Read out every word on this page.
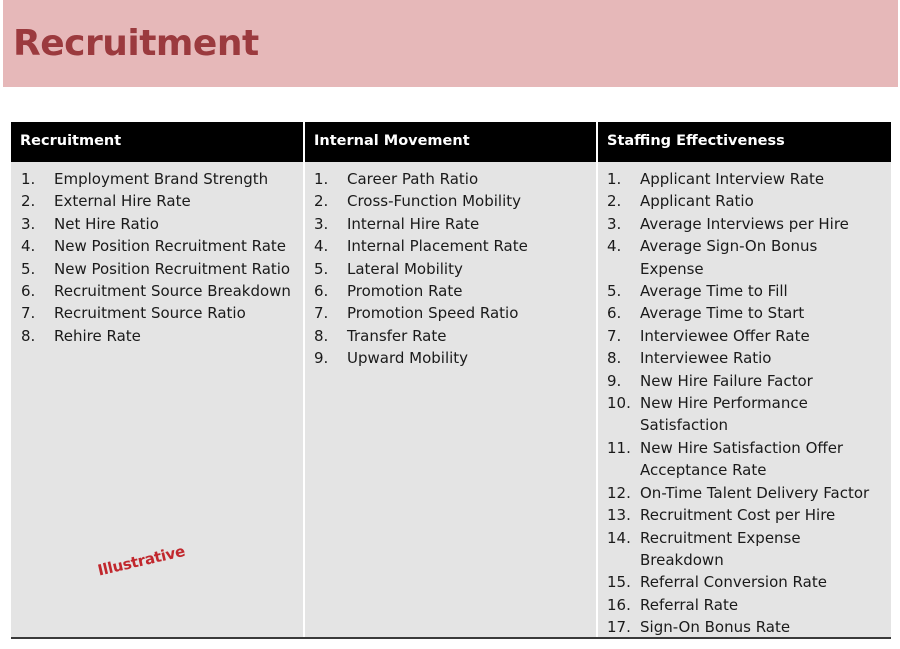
Recruitment
Recruitment	Internal Movement	Staffing Effectiveness
1. Employment Brand Strength
2. External Hire Rate
3. Net Hire Ratio
4. New Position Recruitment Rate
5. New Position Recruitment Ratio
6. Recruitment Source Breakdown
7. Recruitment Source Ratio
8. Rehire Rate
1. Career Path Ratio
2. Cross-Function Mobility
3. Internal Hire Rate
4. Internal Placement Rate
5. Lateral Mobility
6. Promotion Rate
7. Promotion Speed Ratio
8. Transfer Rate
9. Upward Mobility
1. Applicant Interview Rate
2. Applicant Ratio
3. Average Interviews per Hire
4. Average Sign-On Bonus
Expense
5. Average Time to Fill
6. Average Time to Start
7. Interviewee Offer Rate
8. Interviewee Ratio
9. New Hire Failure Factor
10. New Hire Performance
Satisfaction
11. New Hire Satisfaction Offer
Acceptance Rate
12. On-Time Talent Delivery Factor
13. Recruitment Cost per Hire
14. Recruitment Expense
Breakdown
15. Referral Conversion Rate
16. Referral Rate
17. Sign-On Bonus Rate
Illustrative
